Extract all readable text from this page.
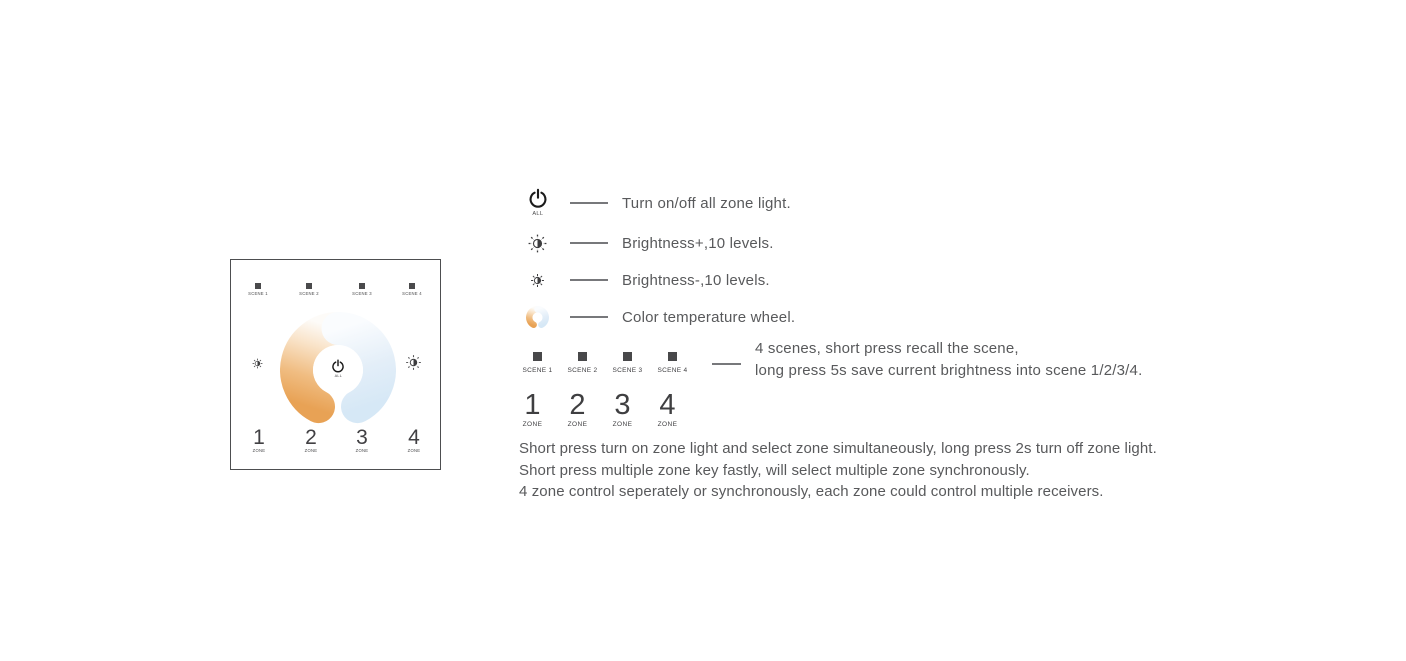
SCENE 1	SCENE 2	SCENE 3	SCENE 4
ALL
1
ZONE
2
ZONE
3
ZONE
4
ZONE
ALL
Turn on/off all zone light.
Brightness+,10 levels.
Brightness-,10 levels.
Color temperature wheel.
SCENE 1	SCENE 2	SCENE 3	SCENE 4
4 scenes, short press recall the scene,
long press 5s save current brightness into scene 1/2/3/4.
1
ZONE
2
ZONE
3
ZONE
4
ZONE
Short press turn on zone light and select zone simultaneously, long press 2s turn off zone light.
Short press multiple zone key fastly, will select multiple zone synchronously.
4 zone control seperately or synchronously, each zone could control multiple receivers.
